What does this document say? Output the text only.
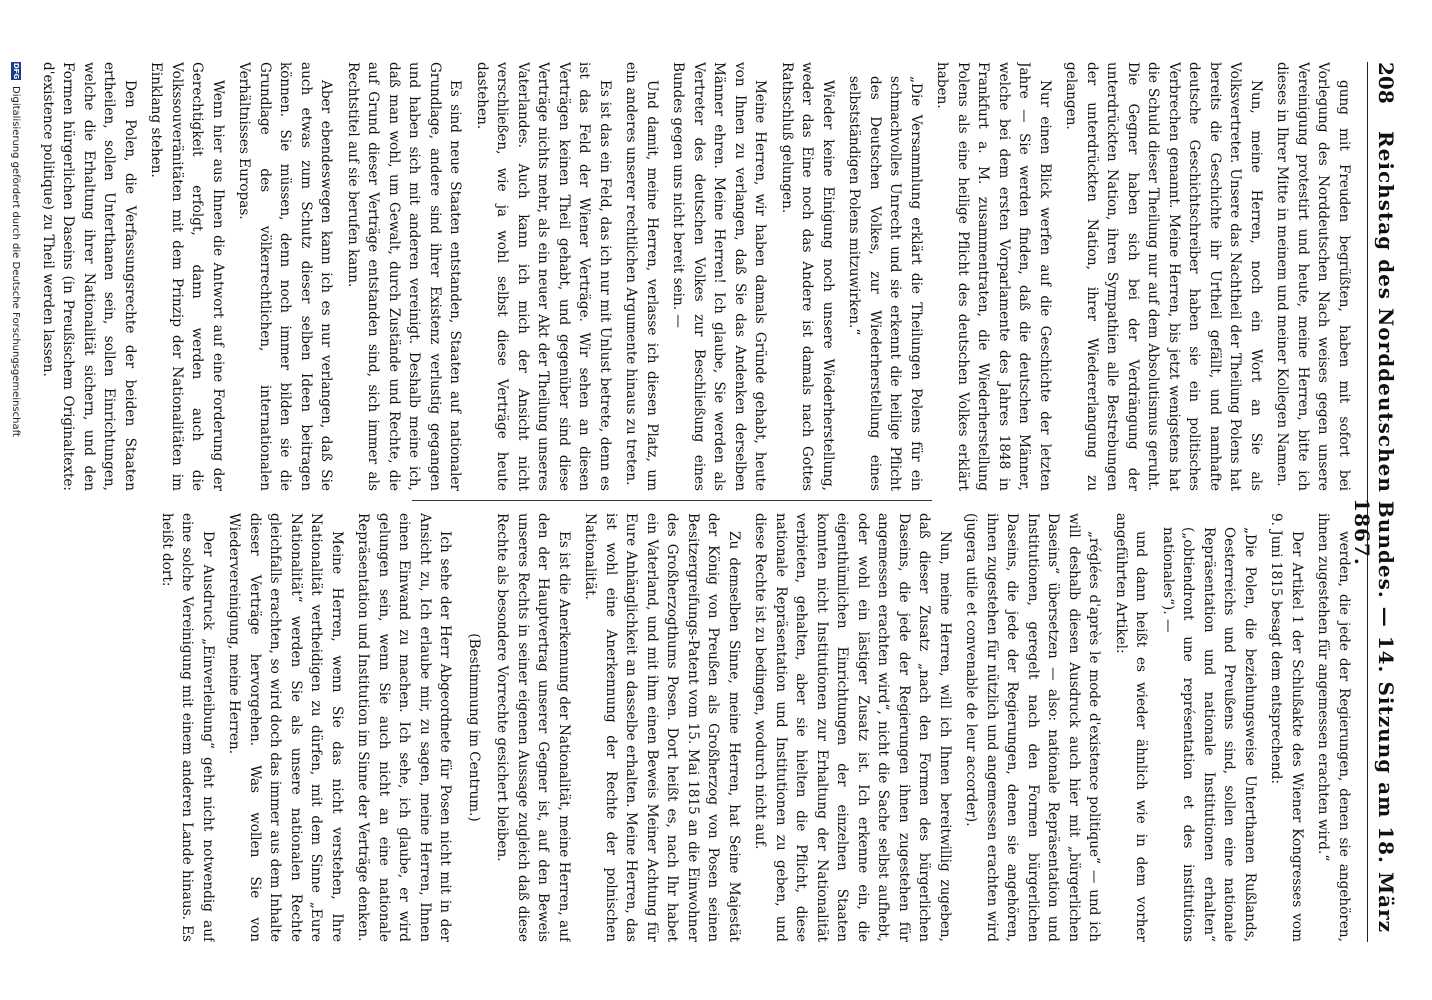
208
Reichstag des Norddeutschen Bundes. — 14. Sitzung am 18. März 1867.

gung mit Freuden begrüßten, haben mit sofort bei Vorlegung des Norddeutschen Nach weises gegen unsere Vereinigung protestirt und heute, meine Herren, bitte ich dieses in Ihrer Mitte in meinem und meiner Kollegen Namen.

Nun, meine Herren, noch ein Wort an Sie als Volksvertreter. Unsere das Nachtheil der Theilung Polens hat bereits die Geschichte ihr Urtheil gefällt, und namhafte deutsche Geschichtschreiber haben sie ein politisches Verbrechen genannt. Meine Herren, bis jetzt wenigstens hat die Schuld dieser Theilung nur auf dem Absolutismus geruht. Die Gegner haben sich bei der Verdrängung der unterdrückten Nation, ihren Sympathien alle Bestrebungen der unterdrückten Nation, ihrer Wiedererlangung zu gelangen.

Nur einen Blick werfen auf die Geschichte der letzten Jahre — Sie werden finden, daß die deutschen Männer, welche bei dem ersten Vorparlamente des Jahres 1848 in Frankfurt a. M. zusammentraten, die Wiederherstellung Polens als eine heilige Pflicht des deutschen Volkes erklärt haben.

„Die Versammlung erklärt die Theilungen Polens für ein schmachvolles Unrecht und sie erkennt die heilige Pflicht des Deutschen Volkes, zur Wiederherstellung eines selbstständigen Polens mitzuwirken.“

Wieder keine Einigung noch unsere Wiederherstellung, weder das Eine noch das Andere ist damals nach Gottes Rathschluß gelungen.

Meine Herren, wir haben damals Gründe gehabt, heute von Ihnen zu verlangen, daß Sie das Andenken derselben Männer ehren. Meine Herren! Ich glaube, Sie werden als Vertreter des deutschen Volkes zur Beschließung eines Bundes gegen uns nicht bereit sein. —

Und damit, meine Herren, verlasse ich diesen Platz, um ein anderes unserer rechtlichen Argumente hinaus zu treten.

Es ist das ein Feld, das ich nur mit Unlust betrete, denn es ist das Feld der Wiener Verträge. Wir sehen an diesen Verträgen keinen Theil gehabt, und gegenüber sind diese Verträge nichts mehr, als ein neuer Akt der Theilung unseres Vaterlandes. Auch kann ich mich der Ansicht nicht verschließen, wie ja wohl selbst diese Verträge heute dastehen.

Es sind neue Staaten entstanden, Staaten auf nationaler Grundlage, andere sind ihrer Existenz verlustig gegangen und haben sich mit anderen vereinigt. Deshalb meine ich, daß man wohl, um Gewalt, durch Zustände und Rechte, die auf Grund dieser Verträge entstanden sind, sich immer als Rechtstitel auf sie berufen kann.

Aber ebendeswegen kann ich es nur verlangen, daß Sie auch etwas zum Schutz dieser selben Ideen beitragen können. Sie müssen, denn noch immer bilden sie die Grundlage des völkerrechtlichen, internationalen Verhältnisses Europas.

Wenn hier aus Ihnen die Antwort auf eine Forderung der Gerechtigkeit erfolgt, dann werden auch die Volkssouveränitäten mit dem Prinzip der Nationalitäten im Einklang stehen.

Den Polen, die Verfassungsrechte der beiden Staaten ertheilen, sollen Unterthanen sein, sollen Einrichtungen, welche die Erhaltung ihrer Nationalität sichern, und den Formen hürgerlichen Daseins (in Preußischem Originaltexte: d'existence politique) zu Theil werden lassen.

werden, die jede der Regierungen, denen sie angehören, ihnen zugestehen für angemessen erachten wird.“

Der Artikel 1 der Schlußakte des Wiener Kongresses vom 9. Juni 1815 besagt dem entsprechend:

„Die Polen, die beziehungsweise Unterthanen Rußlands, Oesterreichs und Preußens sind, sollen eine nationale Repräsentation und nationale Institutionen erhalten“ („obtiendront une représentation et des institutions nationales“). —

und dann heißt es wieder ähnlich wie in dem vorher angeführten Artikel:

„réglées d'après le mode d'existence politique“ — und ich will deshalb diesen Ausdruck auch hier mit „bürgerlichen Daseins“ übersetzen — also: nationale Repräsentation und Institutionen, geregelt nach den Formen bürgerlichen Daseins, die jede der Regierungen, denen sie angehören, ihnen zugestehen für nützlich und angemessen erachten wird (jugera utile et convenable de leur accorder).

Nun, meine Herren, will ich Ihnen bereitwillig zugeben, daß dieser Zusatz „nach den Formen des bürgerlichen Daseins, die jede der Regierungen ihnen zugestehen für angemessen erachten wird“, nicht die Sache selbst aufhebt, oder wohl ein lästiger Zusatz ist. Ich erkenne ein, die eigenthümlichen Einrichtungen der einzelnen Staaten konnten nicht Institutionen zur Erhaltung der Nationalität verbieten, gehalten, aber sie hielten die Pflicht, diese nationale Repräsentation und Institutionen zu geben, und diese Rechte ist zu bedingen, wodurch nicht auf.

Zu demselben Sinne, meine Herren, hat Seine Majestät der König von Preußen als Großherzog von Posen seinen Besitzergreifungs-Patent vom 15. Mai 1815 an die Einwohner des Großherzogthums Posen. Dort heißt es, nach Ihr habet ein Vaterland, und mit ihm einen Beweis Meiner Achtung für Eure Anhänglichkeit an dasselbe erhalten. Meine Herren, das ist wohl eine Anerkennung der Rechte der polnischen Nationalität.

Es ist die Anerkennung der Nationalität, meine Herren, auf den der Hauptvertrag unserer Gegner ist, auf den Beweis unseres Rechts in seiner eigenen Aussage zugleich daß diese Rechte als besondere Vorrechte gesichert bleiben.

(Bestimmung im Centrum.)

Ich sehe der Herr Abgeordnete für Posen nicht mit in der Ansicht zu, Ich erlaube mir, zu sagen, meine Herren, Ihnen einen Einwand zu machen. Ich sehe, ich glaube, er wird gelungen sein, wenn Sie auch nicht an eine nationale Repräsentation und Institution im Sinne der Verträge denken.

Meine Herren, wenn Sie das nicht verstehen, Ihre Nationalität vertheidigen zu dürfen, mit dem Sinne „Eure Nationalität“ werden Sie als unsere nationalen Rechte gleichfalls erachten, so wird doch das immer aus dem Inhalte dieser Verträge hervorgehen. Was wollen Sie von Wiedervereinigung, meine Herren.

Der Ausdruck „Einverleibung“ geht nicht notwendig auf eine solche Vereinigung mit einem anderen Lande hinaus. Es heißt dort:

DFG
Digitalisierung gefördert durch die Deutsche Forschungsgemeinschaft
